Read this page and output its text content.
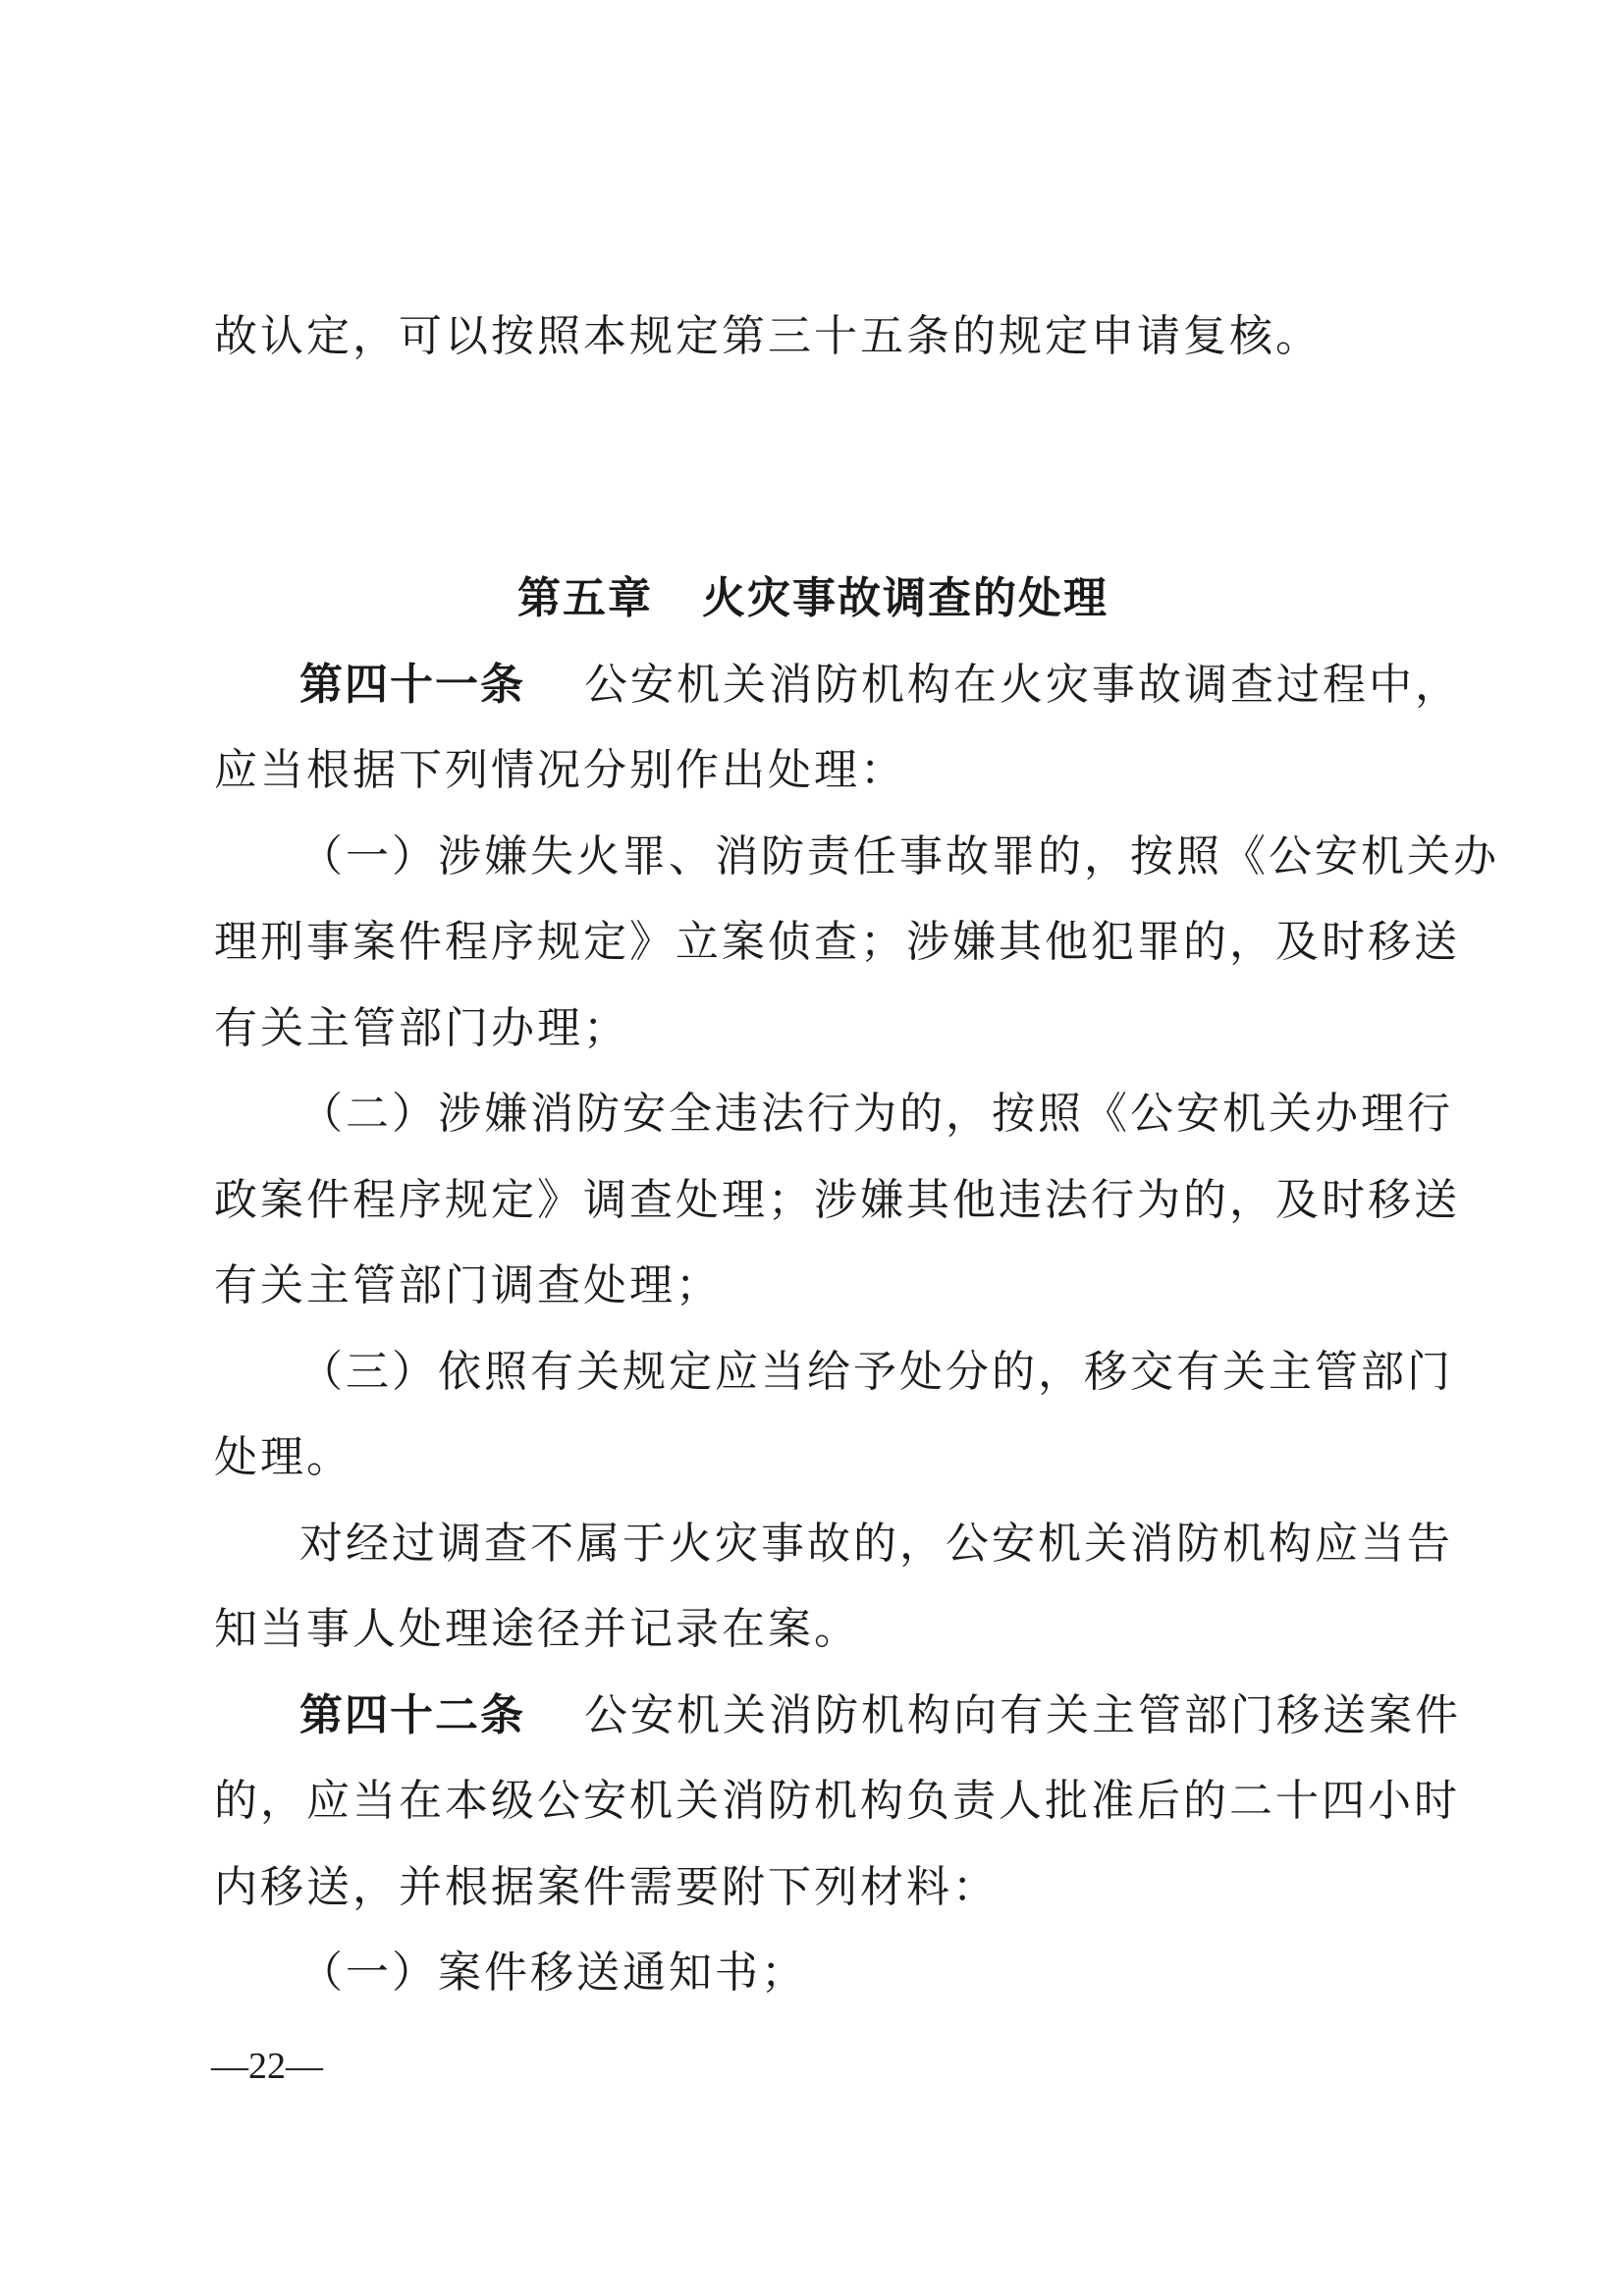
故认定，可以按照本规定第三十五条的规定申请复核。

第五章 火灾事故调查的处理

第四十一条 公安机关消防机构在火灾事故调查过程中，

应当根据下列情况分别作出处理：

（一）涉嫌失火罪、消防责任事故罪的，按照《公安机关办

理刑事案件程序规定》立案侦查；涉嫌其他犯罪的，及时移送

有关主管部门办理；

（二）涉嫌消防安全违法行为的，按照《公安机关办理行

政案件程序规定》调查处理；涉嫌其他违法行为的，及时移送

有关主管部门调查处理；

（三）依照有关规定应当给予处分的，移交有关主管部门

处理。

对经过调查不属于火灾事故的，公安机关消防机构应当告

知当事人处理途径并记录在案。

第四十二条 公安机关消防机构向有关主管部门移送案件

的，应当在本级公安机关消防机构负责人批准后的二十四小时

内移送，并根据案件需要附下列材料：

（一）案件移送通知书；

—22—
